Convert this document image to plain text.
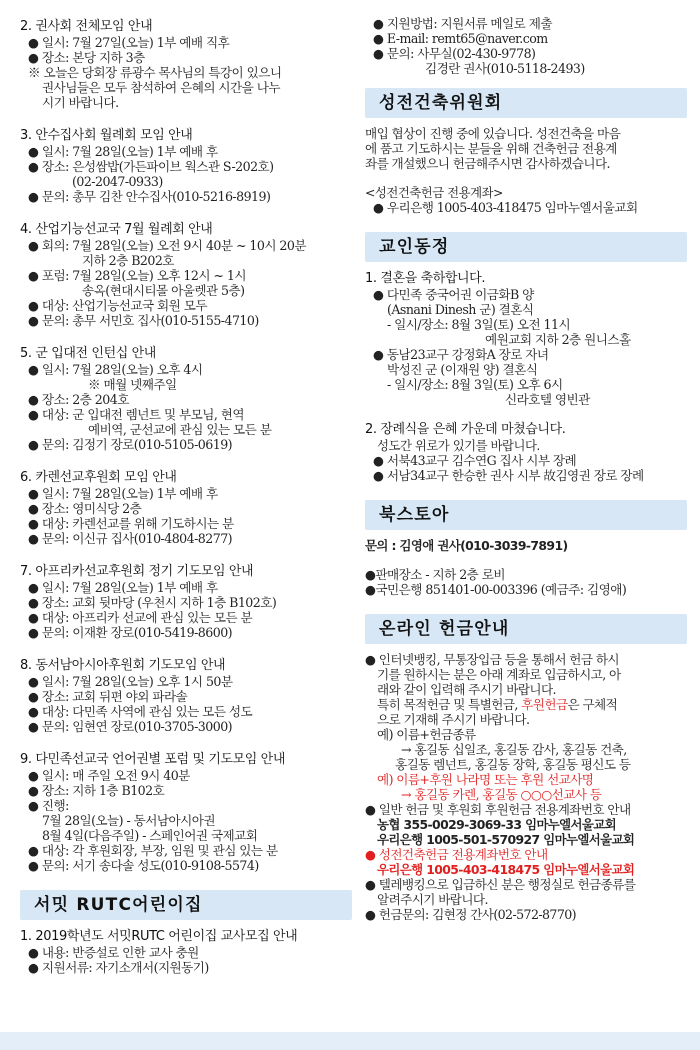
2. 권사회 전체모임 안내
● 일시: 7월 27일(오늘) 1부 예배 직후
● 장소: 본당 지하 3층
※ 오늘은 당회장 류광수 목사님의 특강이 있으니
권사님들은 모두 참석하여 은혜의 시간을 나누
시기 바랍니다.
3. 안수집사회 월례회 모임 안내
● 일시: 7월 28일(오늘) 1부 예배 후
● 장소: 은성쌈밥(가든파이브 웍스관 S-202호)
(02-2047-0933)
● 문의: 총무 김찬 안수집사(010-5216-8919)
4. 산업기능선교국 7월 월례회 안내
● 회의: 7월 28일(오늘) 오전 9시 40분 ~ 10시 20분
지하 2층 B202호
● 포럼: 7월 28일(오늘) 오후 12시 ~ 1시
송옥(현대시티몰 아울렛관 5층)
● 대상: 산업기능선교국 회원 모두
● 문의: 총무 서민호 집사(010-5155-4710)
5. 군 입대전 인턴십 안내
● 일시: 7월 28일(오늘) 오후 4시
※ 매월 넷째주일
● 장소: 2층 204호
● 대상: 군 입대전 렘넌트 및 부모님, 현역
예비역, 군선교에 관심 있는 모든 분
● 문의: 김정기 장로(010-5105-0619)
6. 카렌선교후원회 모임 안내
● 일시: 7월 28일(오늘) 1부 예배 후
● 장소: 영미식당 2층
● 대상: 카렌선교를 위해 기도하시는 분
● 문의: 이신규 집사(010-4804-8277)
7. 아프리카선교후원회 정기 기도모임 안내
● 일시: 7월 28일(오늘) 1부 예배 후
● 장소: 교회 뒷마당 (우천시 지하 1층 B102호)
● 대상: 아프리카 선교에 관심 있는 모든 분
● 문의: 이재환 장로(010-5419-8600)
8. 동서남아시아후원회 기도모임 안내
● 일시: 7월 28일(오늘) 오후 1시 50분
● 장소: 교회 뒤편 야외 파라솔
● 대상: 다민족 사역에 관심 있는 모든 성도
● 문의: 임현연 장로(010-3705-3000)
9. 다민족선교국 언어권별 포럼 및 기도모임 안내
● 일시: 매 주일 오전 9시 40분
● 장소: 지하 1층 B102호
● 진행:
7월 28일(오늘) - 동서남아시아권
8월 4일(다음주일) - 스페인어권 국제교회
● 대상: 각 후원회장, 부장, 임원 및 관심 있는 분
● 문의: 서기 송다솔 성도(010-9108-5574)
서밋 RUTC어린이집
1. 2019학년도 서밋RUTC 어린이집 교사모집 안내
● 내용: 반증설로 인한 교사 충원
● 지원서류: 자기소개서(지원동기)
● 지원방법: 지원서류 메일로 제출
● E-mail: remt65@naver.com
● 문의: 사무실(02-430-9778)
김경란 권사(010-5118-2493)
성전건축위원회
매입 협상이 진행 중에 있습니다. 성전건축을 마음
에 품고 기도하시는 분들을 위해 건축헌금 전용계
좌를 개설했으니 헌금해주시면 감사하겠습니다.
<성전건축헌금 전용계좌>
● 우리은행 1005-403-418475 임마누엘서울교회
교인동정
1. 결혼을 축하합니다.
● 다민족 중국어권 이금화B 양
(Asnani Dinesh 군) 결혼식
- 일시/장소: 8월 3일(토) 오전 11시
예원교회 지하 2층 원니스홀
● 동남23교구 강정화A 장로 자녀
박성진 군 (이재원 양) 결혼식
- 일시/장소: 8월 3일(토) 오후 6시
신라호텔 영빈관
2. 장례식을 은혜 가운데 마쳤습니다.
성도간 위로가 있기를 바랍니다.
● 서북43교구 김수연G 집사 시부 장례
● 서남34교구 한승한 권사 시부 故김영권 장로 장례
북스토아
문의 : 김영애 권사(010-3039-7891)
●판매장소 - 지하 2층 로비
●국민은행 851401-00-003396 (예금주: 김영애)
온라인 헌금안내
● 인터넷뱅킹, 무통장입금 등을 통해서 헌금 하시
기를 원하시는 분은 아래 계좌로 입금하시고, 아
래와 같이 입력해 주시기 바랍니다.
특히 목적헌금 및 특별헌금, 후원헌금은 구체적
으로 기재해 주시기 바랍니다.
예) 이름+헌금종류
→ 홍길동 십일조, 홍길동 감사, 홍길동 건축,
홍길동 렘넌트, 홍길동 장학, 홍길동 평신도 등
예) 이름+후원 나라명 또는 후원 선교사명
→ 홍길동 카렌, 홍길동 ○○○선교사 등
● 일반 헌금 및 후원회 후원헌금 전용계좌번호 안내
농협 355-0029-3069-33 임마누엘서울교회
우리은행 1005-501-570927 임마누엘서울교회
● 성전건축헌금 전용계좌번호 안내
우리은행 1005-403-418475 임마누엘서울교회
● 텔레뱅킹으로 입금하신 분은 행정실로 헌금종류를
알려주시기 바랍니다.
● 헌금문의: 김현정 간사(02-572-8770)
